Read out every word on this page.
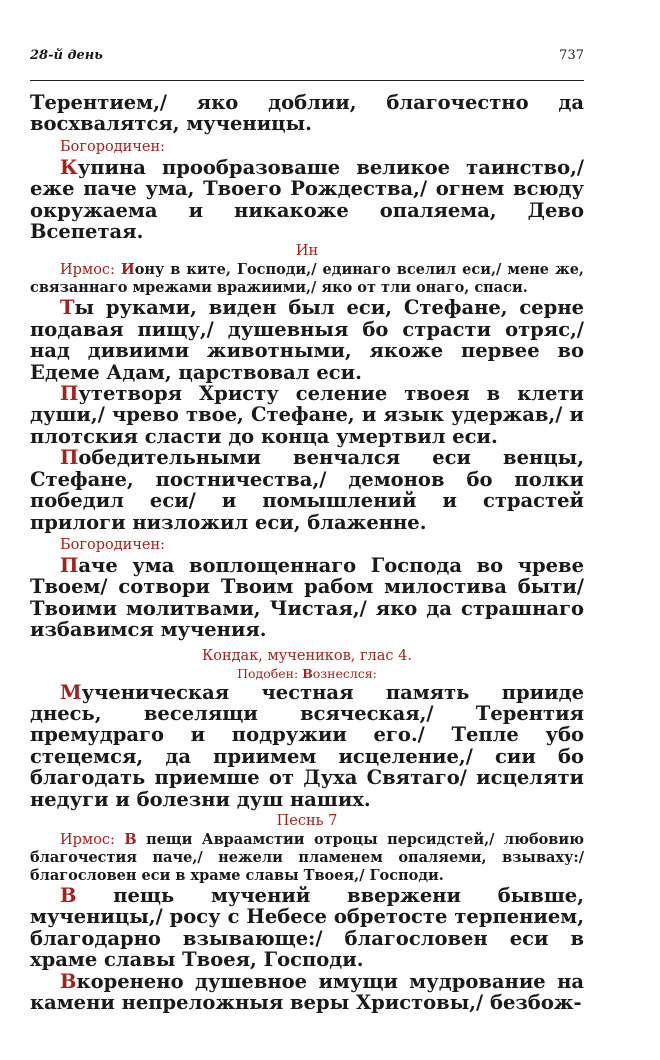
28-й день	737

Терентием,/ яко доблии, благочестно да восхвалятся, мученицы.

Богородичен:

Купина прообразоваше великое таинство,/ еже паче ума, Твоего Рождества,/ огнем всюду окружаема и никакоже опаляема, Дево Всепетая.

Ин

Ирмос: Иону в ките, Господи,/ единаго вселил еси,/ мене же, связаннаго мрежами вражиими,/ яко от тли онаго, спаси.

Ты руками, виден был еси, Стефане, серне подавая пищу,/ душевныя бо страсти отряс,/ над дивиими животными, якоже первее во Едеме Адам, царствовал еси.

Путетворя Христу селение твоея в клети души,/ чрево твое, Стефане, и язык удержав,/ и плотския сласти до конца умертвил еси.

Победительными венчался еси венцы, Стефане, постничества,/ демонов бо полки победил еси/ и помышлений и страстей прилоги низложил еси, блаженне.

Богородичен:

Паче ума воплощеннаго Господа во чреве Твоем/ сотвори Твоим рабом милостива быти/ Твоими молитвами, Чистая,/ яко да страшнаго избавимся мучения.

Кондак, мучеников, глас 4.
Подобен: Вознеслся:

Мученическая честная память приидe днесь, веселящи всяческая,/ Терентия премудраго и подружии его./ Тепле убо стецемся, да приимем исцеление,/ сии бо благодать приемше от Духа Святаго/ исцеляти недуги и болезни душ наших.

Песнь 7

Ирмос: В пещи Авраамстии отроцы персидстей,/ любовию благочестия паче,/ нежели пламенем опаляеми, взываху:/ благословен еси в храме славы Твоея,/ Господи.

В пещь мучений ввержени бывше, мученицы,/ росу с Небесе обретосте терпением, благодарно взывающе:/ благословен еси в храме славы Твоея, Господи.

Вкоренено душевное имущи мудрование на камени непреложныя веры Христовы,/ безбож-
